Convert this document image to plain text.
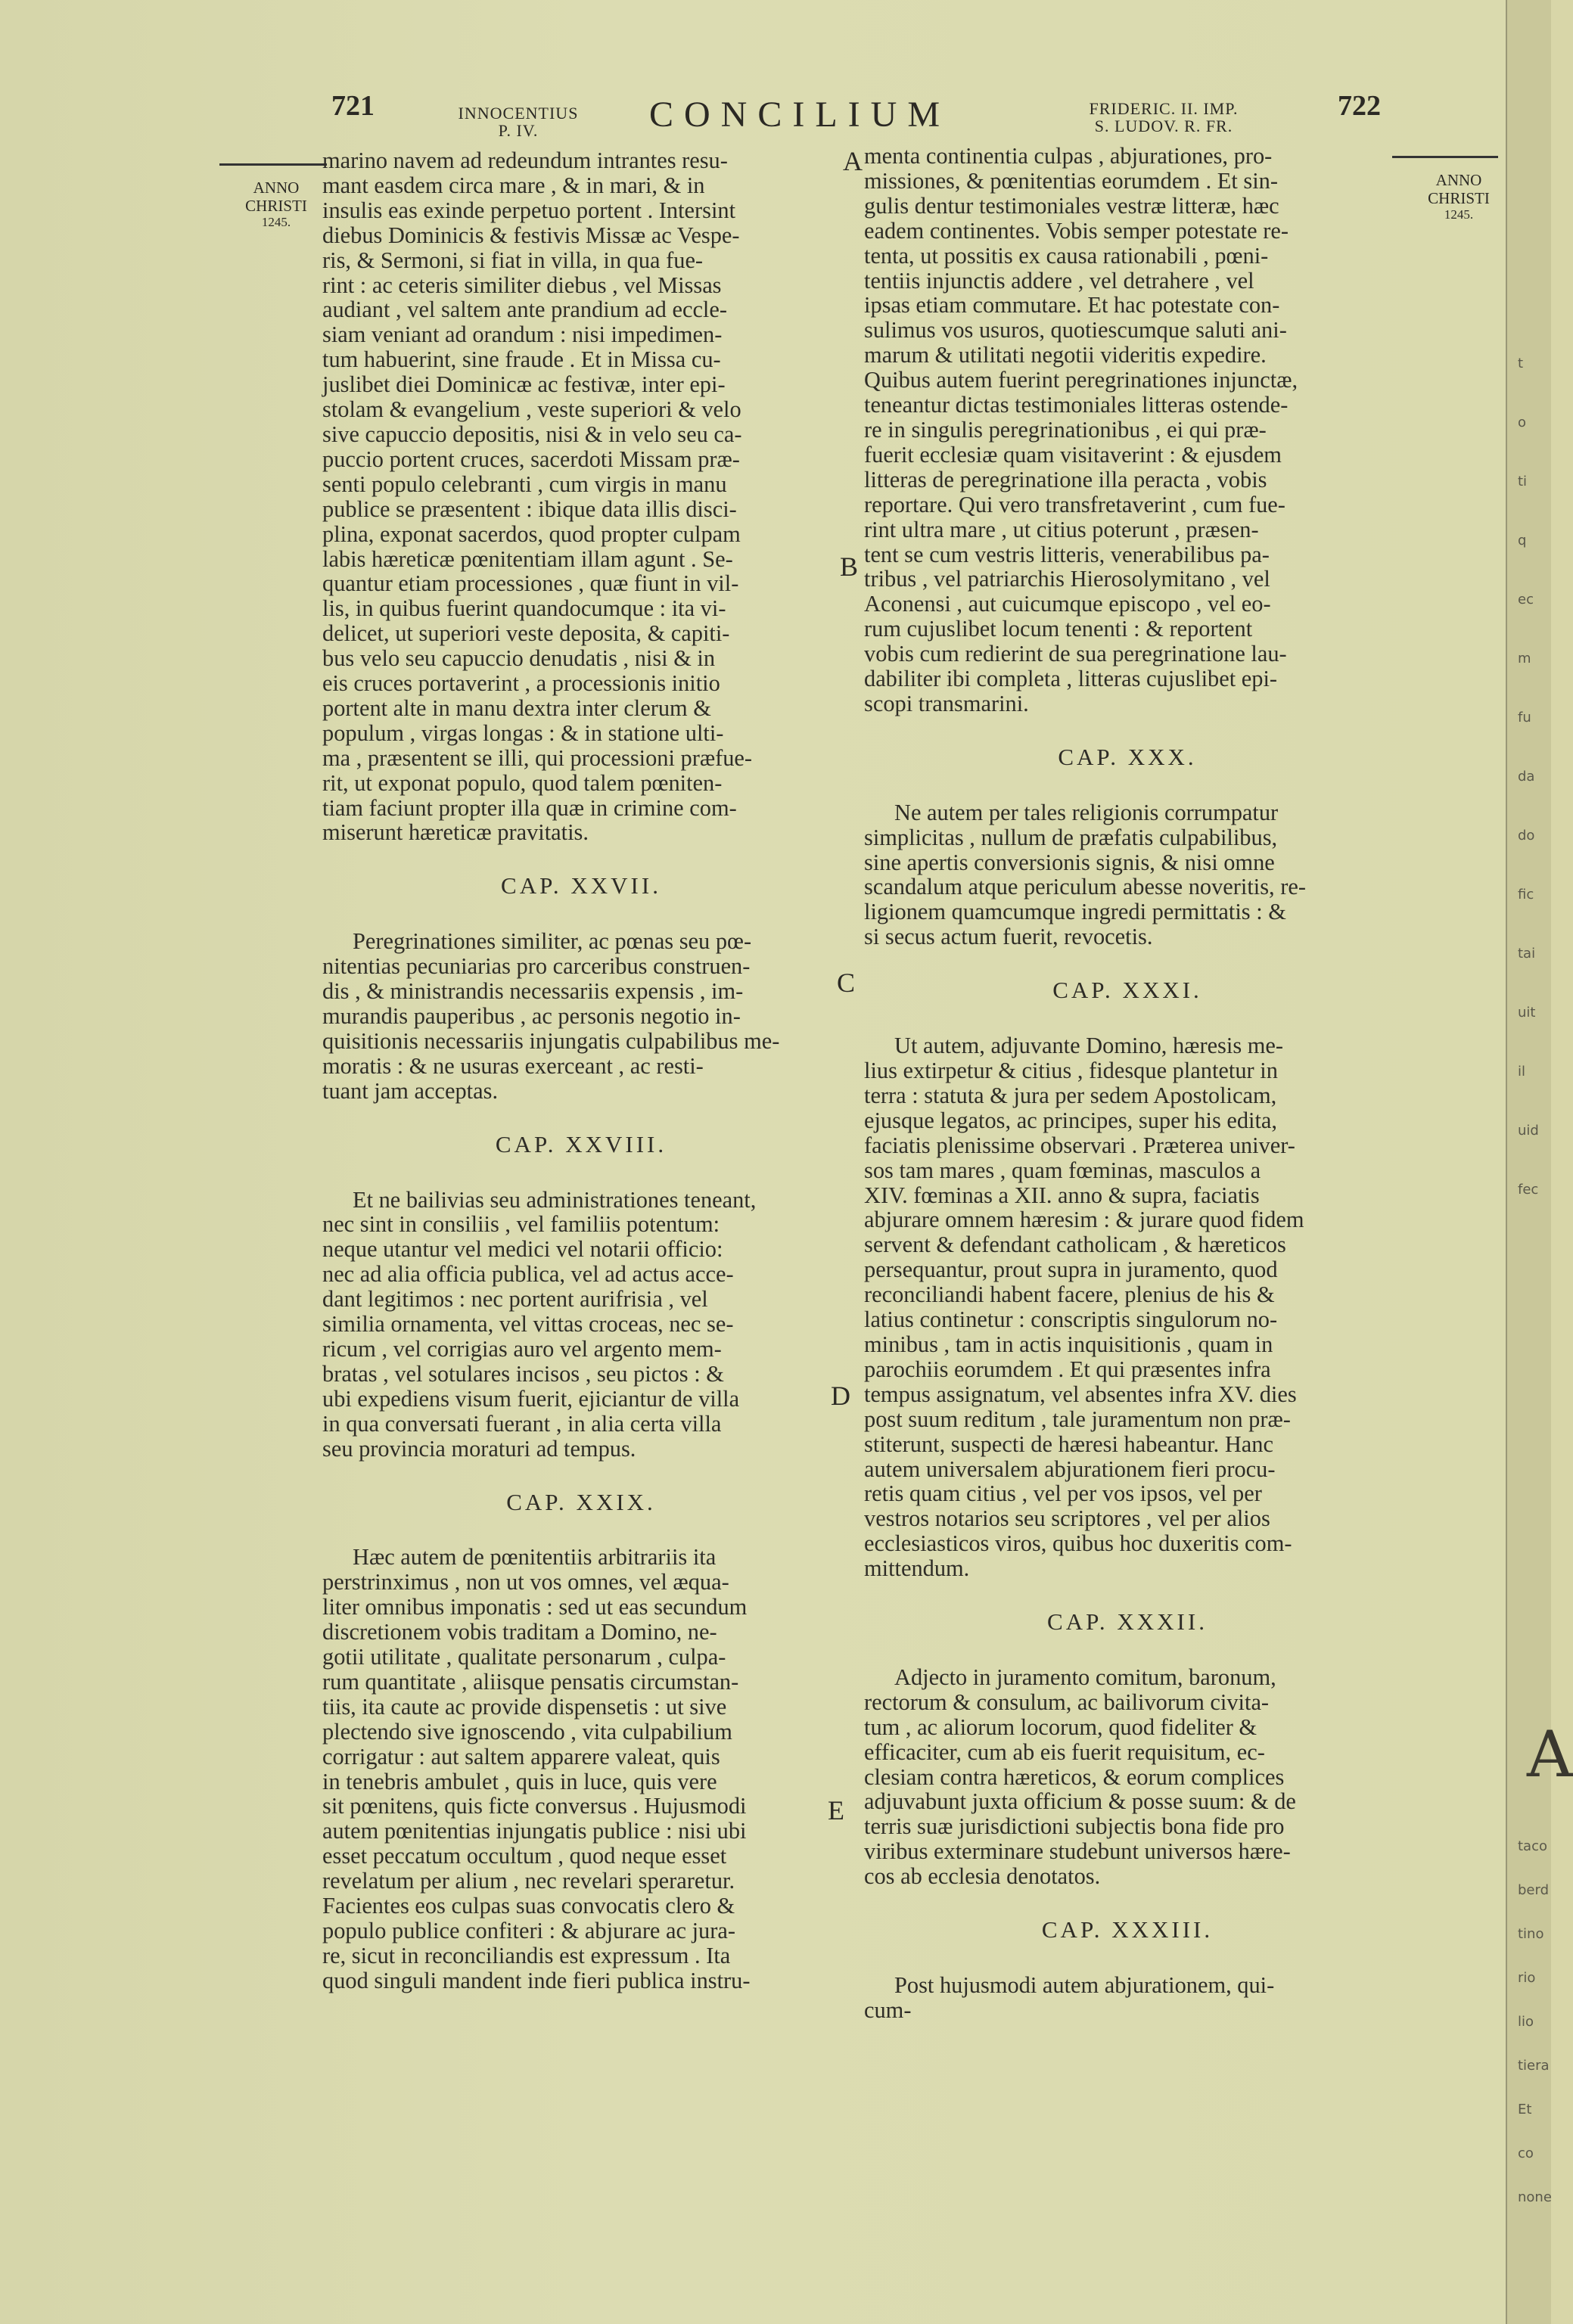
721	INNOCENTIUS
P. IV.	CONCILIUM	FRIDERIC. II. IMP.
S. LUDOV. R. FR.
722
ANNO
CHRISTI
1245.
ANNO
CHRISTI
1245.
A
B
C
D
E

marino navem ad redeundum intrantes resu-

mant easdem circa mare , & in mari, & in

insulis eas exinde perpetuo portent . Intersint

diebus Dominicis & festivis Missæ ac Vespe-

ris, & Sermoni, si fiat in villa, in qua fue-

rint : ac ceteris similiter diebus , vel Missas

audiant , vel saltem ante prandium ad eccle-

siam veniant ad orandum : nisi impedimen-

tum habuerint, sine fraude . Et in Missa cu-

juslibet diei Dominicæ ac festivæ, inter epi-

stolam & evangelium , veste superiori & velo

sive capuccio depositis, nisi & in velo seu ca-

puccio portent cruces, sacerdoti Missam præ-

senti populo celebranti , cum virgis in manu

publice se præsentent : ibique data illis disci-

plina, exponat sacerdos, quod propter culpam

labis hæreticæ pœnitentiam illam agunt . Se-

quantur etiam processiones , quæ fiunt in vil-

lis, in quibus fuerint quandocumque : ita vi-

delicet, ut superiori veste deposita, & capiti-

bus velo seu capuccio denudatis , nisi & in

eis cruces portaverint , a processionis initio

portent alte in manu dextra inter clerum &

populum , virgas longas : & in statione ulti-

ma , præsentent se illi, qui processioni præfue-

rit, ut exponat populo, quod talem pœniten-

tiam faciunt propter illa quæ in crimine com-

miserunt hæreticæ pravitatis.

CAP. XXVII.

Peregrinationes similiter, ac pœnas seu pœ-

nitentias pecuniarias pro carceribus construen-

dis , & ministrandis necessariis expensis , im-

murandis pauperibus , ac personis negotio in-

quisitionis necessariis injungatis culpabilibus me-

moratis : & ne usuras exerceant , ac resti-

tuant jam acceptas.

CAP. XXVIII.

Et ne bailivias seu administrationes teneant,

nec sint in consiliis , vel familiis potentum:

neque utantur vel medici vel notarii officio:

nec ad alia officia publica, vel ad actus acce-

dant legitimos : nec portent aurifrisia , vel

similia ornamenta, vel vittas croceas, nec se-

ricum , vel corrigias auro vel argento mem-

bratas , vel sotulares incisos , seu pictos : &

ubi expediens visum fuerit, ejiciantur de villa

in qua conversati fuerant , in alia certa villa

seu provincia moraturi ad tempus.

CAP. XXIX.

Hæc autem de pœnitentiis arbitrariis ita

perstrinximus , non ut vos omnes, vel æqua-

liter omnibus imponatis : sed ut eas secundum

discretionem vobis traditam a Domino, ne-

gotii utilitate , qualitate personarum , culpa-

rum quantitate , aliisque pensatis circumstan-

tiis, ita caute ac provide dispensetis : ut sive

plectendo sive ignoscendo , vita culpabilium

corrigatur : aut saltem apparere valeat, quis

in tenebris ambulet , quis in luce, quis vere

sit pœnitens, quis ficte conversus . Hujusmodi

autem pœnitentias injungatis publice : nisi ubi

esset peccatum occultum , quod neque esset

revelatum per alium , nec revelari speraretur.

Facientes eos culpas suas convocatis clero &

populo publice confiteri : & abjurare ac jura-

re, sicut in reconciliandis est expressum . Ita

quod singuli mandent inde fieri publica instru-

menta continentia culpas , abjurationes, pro-

missiones, & pœnitentias eorumdem . Et sin-

gulis dentur testimoniales vestræ litteræ, hæc

eadem continentes. Vobis semper potestate re-

tenta, ut possitis ex causa rationabili , pœni-

tentiis injunctis addere , vel detrahere , vel

ipsas etiam commutare. Et hac potestate con-

sulimus vos usuros, quotiescumque saluti ani-

marum & utilitati negotii videritis expedire.

Quibus autem fuerint peregrinationes injunctæ,

teneantur dictas testimoniales litteras ostende-

re in singulis peregrinationibus , ei qui præ-

fuerit ecclesiæ quam visitaverint : & ejusdem

litteras de peregrinatione illa peracta , vobis

reportare. Qui vero transfretaverint , cum fue-

rint ultra mare , ut citius poterunt , præsen-

tent se cum vestris litteris, venerabilibus pa-

tribus , vel patriarchis Hierosolymitano , vel

Aconensi , aut cuicumque episcopo , vel eo-

rum cujuslibet locum tenenti : & reportent

vobis cum redierint de sua peregrinatione lau-

dabiliter ibi completa , litteras cujuslibet epi-

scopi transmarini.

CAP. XXX.

Ne autem per tales religionis corrumpatur

simplicitas , nullum de præfatis culpabilibus,

sine apertis conversionis signis, & nisi omne

scandalum atque periculum abesse noveritis, re-

ligionem quamcumque ingredi permittatis : &

si secus actum fuerit, revocetis.

CAP. XXXI.

Ut autem, adjuvante Domino, hæresis me-

lius extirpetur & citius , fidesque plantetur in

terra : statuta & jura per sedem Apostolicam,

ejusque legatos, ac principes, super his edita,

faciatis plenissime observari . Præterea univer-

sos tam mares , quam fœminas, masculos a

XIV. fœminas a XII. anno & supra, faciatis

abjurare omnem hæresim : & jurare quod fidem

servent & defendant catholicam , & hæreticos

persequantur, prout supra in juramento, quod

reconciliandi habent facere, plenius de his &

latius continetur : conscriptis singulorum no-

minibus , tam in actis inquisitionis , quam in

parochiis eorumdem . Et qui præsentes infra

tempus assignatum, vel absentes infra XV. dies

post suum reditum , tale juramentum non præ-

stiterunt, suspecti de hæresi habeantur. Hanc

autem universalem abjurationem fieri procu-

retis quam citius , vel per vos ipsos, vel per

vestros notarios seu scriptores , vel per alios

ecclesiasticos viros, quibus hoc duxeritis com-

mittendum.

CAP. XXXII.

Adjecto in juramento comitum, baronum,

rectorum & consulum, ac bailivorum civita-

tum , ac aliorum locorum, quod fideliter &

efficaciter, cum ab eis fuerit requisitum, ec-

clesiam contra hæreticos, & eorum complices

adjuvabunt juxta officium & posse suum: & de

terris suæ jurisdictioni subjectis bona fide pro

viribus exterminare studebunt universos hære-

cos ab ecclesia denotatos.

CAP. XXXIII.

Post hujusmodi autem abjurationem, qui-

cum-

t
o
ti
q
ec
m
fu
da
do
fic
tai
uit
il
uid
fec
A
taco
berd
tino
rio
lio
tiera
Et
co
none
